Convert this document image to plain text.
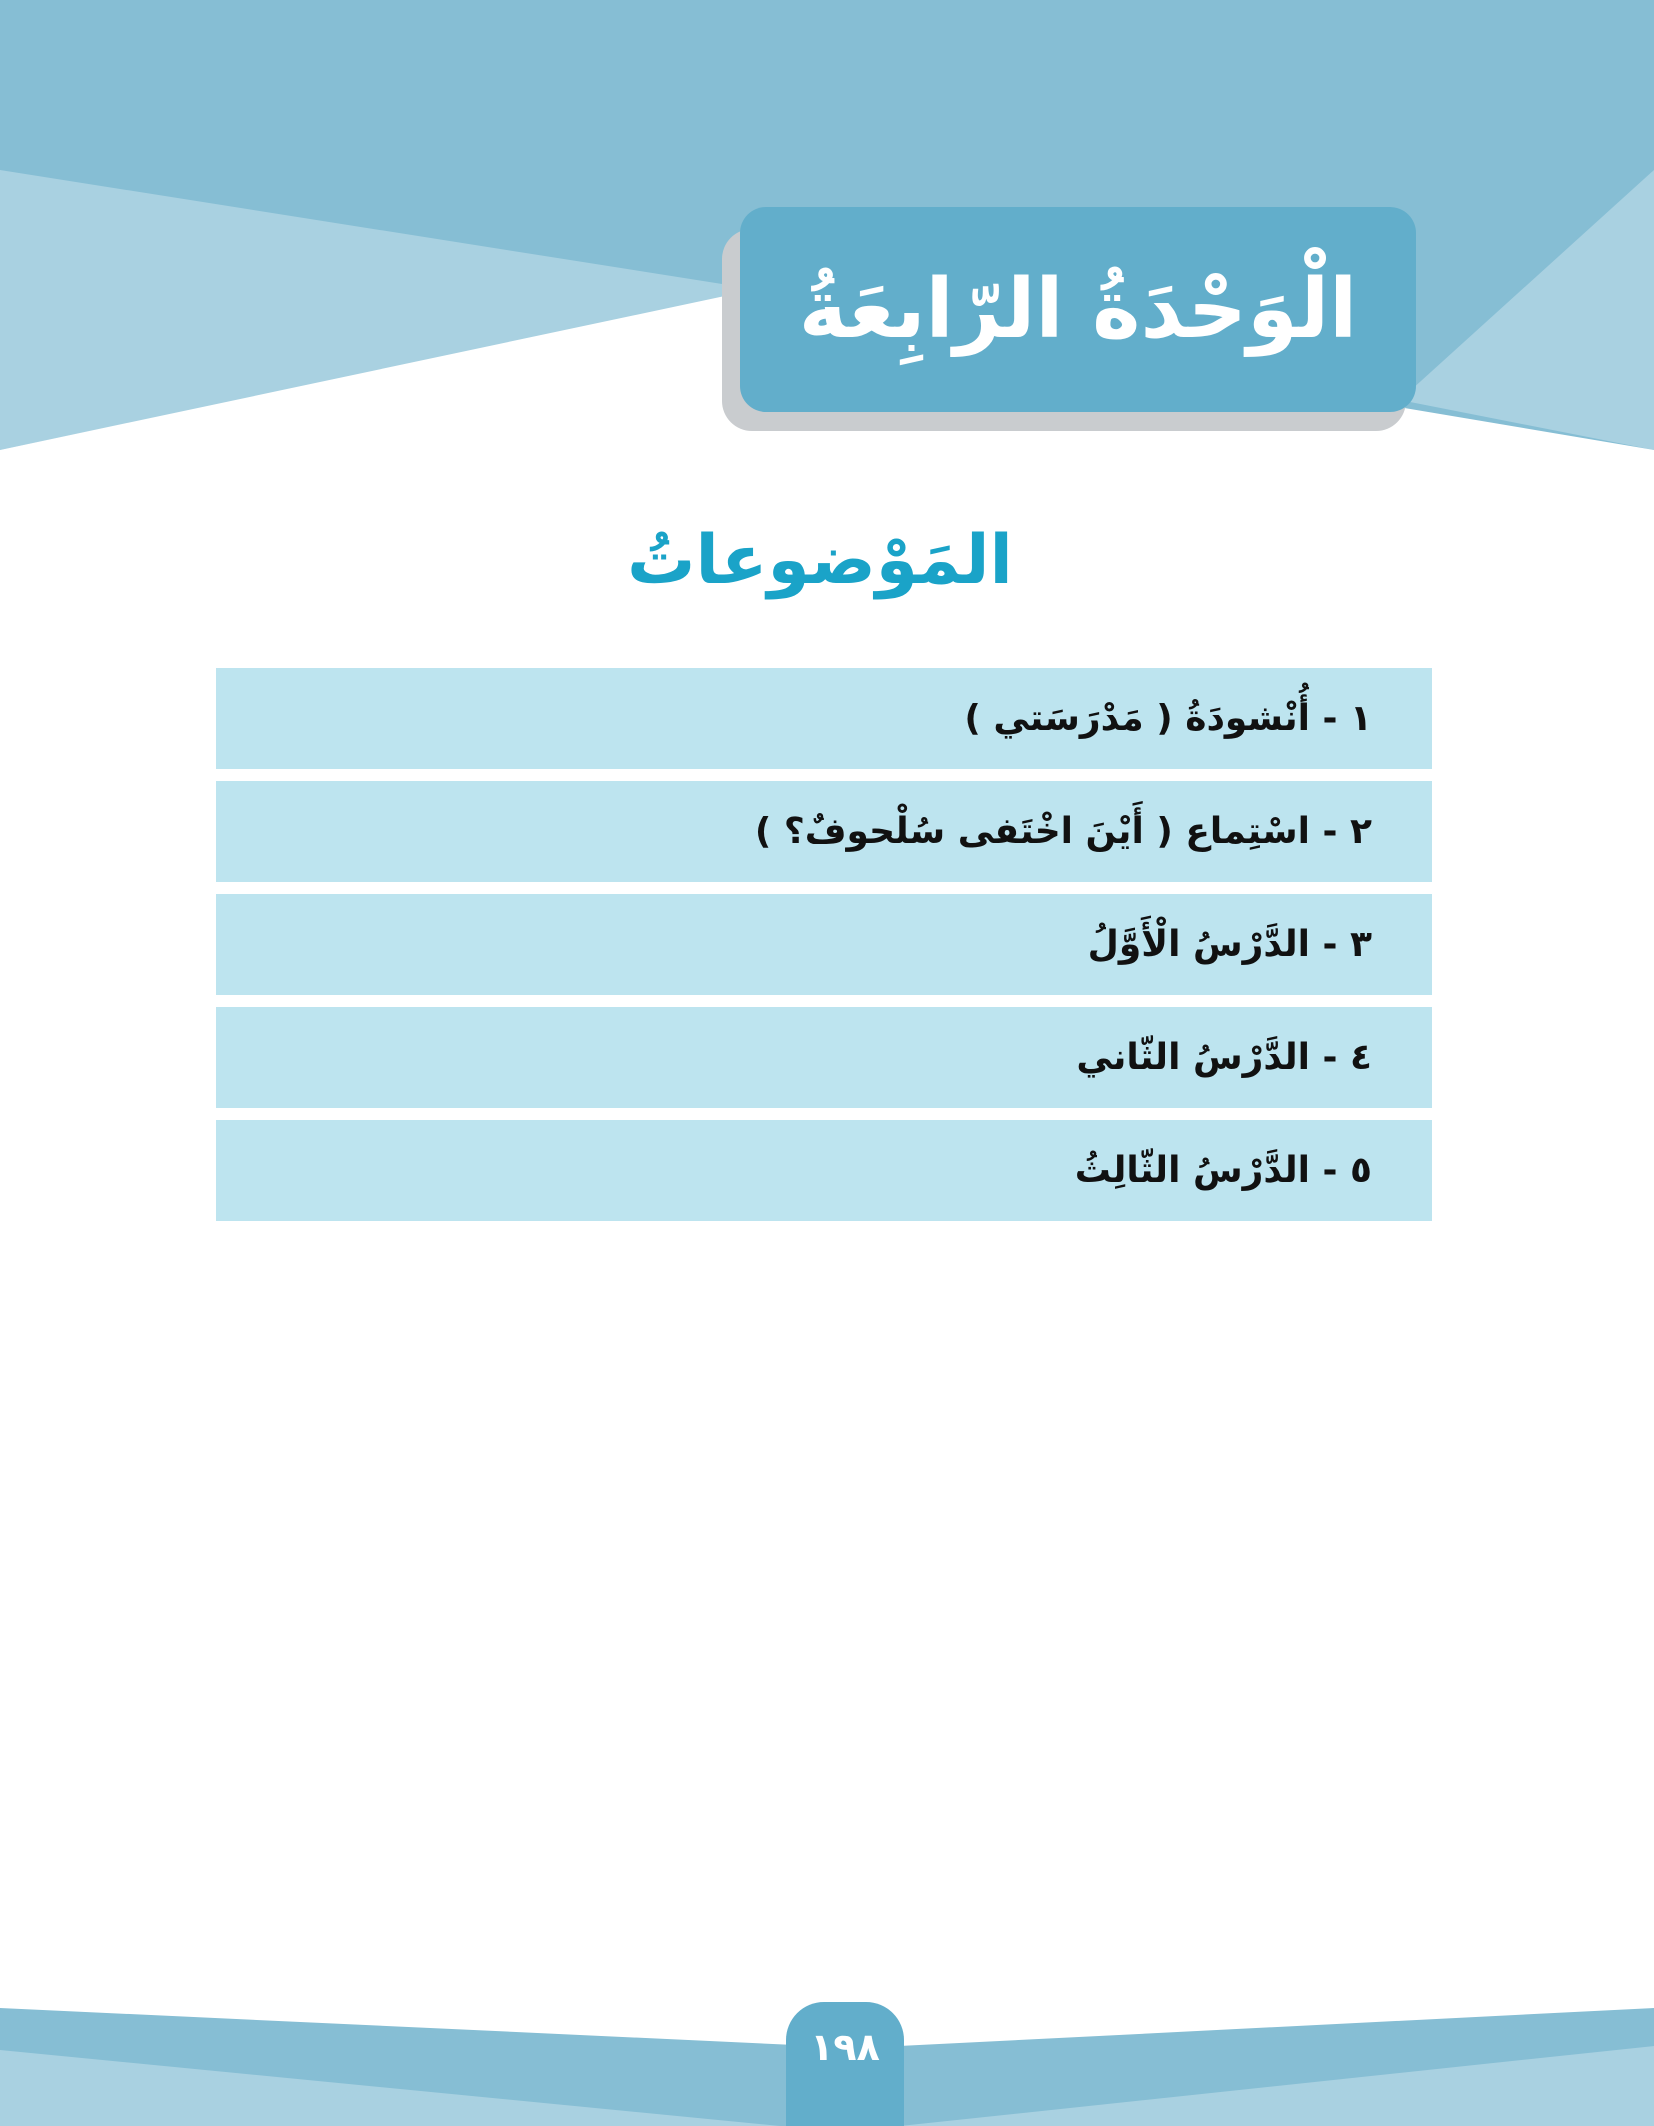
الْوَحْدَةُ الرّابِعَةُ
المَوْضوعاتُ
١ - أُنْشودَةُ ( مَدْرَسَتي )
٢ - اسْتِماع ( أَيْنَ اخْتَفى سُلْحوفٌ؟ )
٣ - الدَّرْسُ الْأَوَّلُ
٤ - الدَّرْسُ الثّاني
٥ - الدَّرْسُ الثّالِثُ
١٩٨
